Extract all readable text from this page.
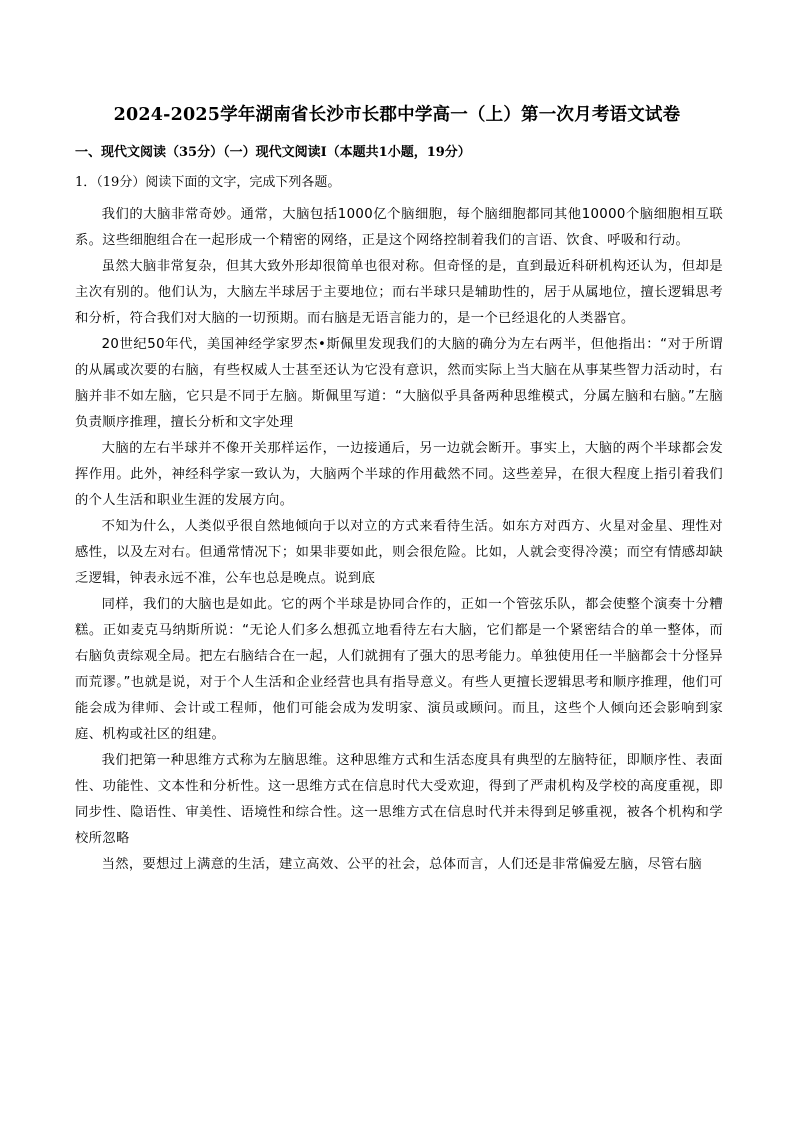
2024-2025学年湖南省长沙市长郡中学高一（上）第一次月考语文试卷
一、现代文阅读（35分）（一）现代文阅读Ⅰ（本题共1小题，19分）
1．（19分）阅读下面的文字，完成下列各题。

我们的大脑非常奇妙。通常，大脑包括1000亿个脑细胞，每个脑细胞都同其他10000个脑细胞相互联系。这些细胞组合在一起形成一个精密的网络，正是这个网络控制着我们的言语、饮食、呼吸和行动。

虽然大脑非常复杂，但其大致外形却很简单也很对称。但奇怪的是，直到最近科研机构还认为，但却是主次有别的。他们认为，大脑左半球居于主要地位；而右半球只是辅助性的，居于从属地位，擅长逻辑思考和分析，符合我们对大脑的一切预期。而右脑是无语言能力的，是一个已经退化的人类器官。

20世纪50年代，美国神经学家罗杰•斯佩里发现我们的大脑的确分为左右两半，但他指出：“对于所谓的从属或次要的右脑，有些权威人士甚至还认为它没有意识，然而实际上当大脑在从事某些智力活动时，右脑并非不如左脑，它只是不同于左脑。斯佩里写道：“大脑似乎具备两种思维模式，分属左脑和右脑。”左脑负责顺序推理，擅长分析和文字处理

大脑的左右半球并不像开关那样运作，一边接通后，另一边就会断开。事实上，大脑的两个半球都会发挥作用。此外，神经科学家一致认为，大脑两个半球的作用截然不同。这些差异，在很大程度上指引着我们的个人生活和职业生涯的发展方向。

不知为什么，人类似乎很自然地倾向于以对立的方式来看待生活。如东方对西方、火星对金星、理性对感性，以及左对右。但通常情况下；如果非要如此，则会很危险。比如，人就会变得冷漠；而空有情感却缺乏逻辑，钟表永远不准，公车也总是晚点。说到底

同样，我们的大脑也是如此。它的两个半球是协同合作的，正如一个管弦乐队，都会使整个演奏十分糟糕。正如麦克马纳斯所说：“无论人们多么想孤立地看待左右大脑，它们都是一个紧密结合的单一整体，而右脑负责综观全局。把左右脑结合在一起，人们就拥有了强大的思考能力。单独使用任一半脑都会十分怪异而荒谬。”也就是说，对于个人生活和企业经营也具有指导意义。有些人更擅长逻辑思考和顺序推理，他们可能会成为律师、会计或工程师，他们可能会成为发明家、演员或顾问。而且，这些个人倾向还会影响到家庭、机构或社区的组建。

我们把第一种思维方式称为左脑思维。这种思维方式和生活态度具有典型的左脑特征，即顺序性、表面性、功能性、文本性和分析性。这一思维方式在信息时代大受欢迎，得到了严肃机构及学校的高度重视，即同步性、隐语性、审美性、语境性和综合性。这一思维方式在信息时代并未得到足够重视，被各个机构和学校所忽略

当然，要想过上满意的生活，建立高效、公平的社会，总体而言，人们还是非常偏爱左脑，尽管右脑
